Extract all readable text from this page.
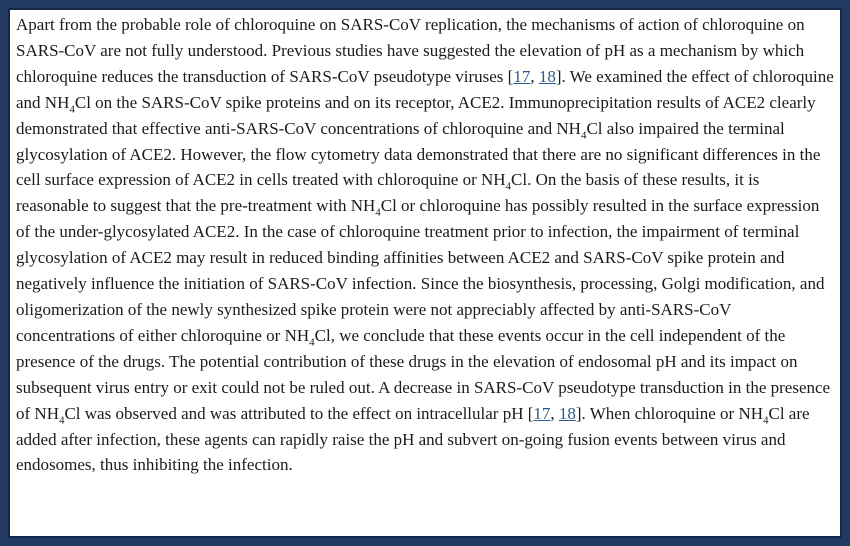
Apart from the probable role of chloroquine on SARS-CoV replication, the mechanisms of action of chloroquine on SARS-CoV are not fully understood. Previous studies have suggested the elevation of pH as a mechanism by which chloroquine reduces the transduction of SARS-CoV pseudotype viruses [17, 18]. We examined the effect of chloroquine and $NH_4Cl$ on the SARS-CoV spike proteins and on its receptor, ACE2. Immunoprecipitation results of ACE2 clearly demonstrated that effective anti-SARS-CoV concentrations of chloroquine and $NH_4Cl$ also impaired the terminal glycosylation of ACE2. However, the flow cytometry data demonstrated that there are no significant differences in the cell surface expression of ACE2 in cells treated with chloroquine or $NH_4Cl$. On the basis of these results, it is reasonable to suggest that the pre-treatment with $NH_4Cl$ or chloroquine has possibly resulted in the surface expression of the under-glycosylated ACE2. In the case of chloroquine treatment prior to infection, the impairment of terminal glycosylation of ACE2 may result in reduced binding affinities between ACE2 and SARS-CoV spike protein and negatively influence the initiation of SARS-CoV infection. Since the biosynthesis, processing, Golgi modification, and oligomerization of the newly synthesized spike protein were not appreciably affected by anti-SARS-CoV concentrations of either chloroquine or $NH_4Cl$, we conclude that these events occur in the cell independent of the presence of the drugs. The potential contribution of these drugs in the elevation of endosomal pH and its impact on subsequent virus entry or exit could not be ruled out. A decrease in SARS-CoV pseudotype transduction in the presence of $NH_4Cl$ was observed and was attributed to the effect on intracellular pH [17, 18]. When chloroquine or $NH_4Cl$ are added after infection, these agents can rapidly raise the pH and subvert on-going fusion events between virus and endosomes, thus inhibiting the infection.
